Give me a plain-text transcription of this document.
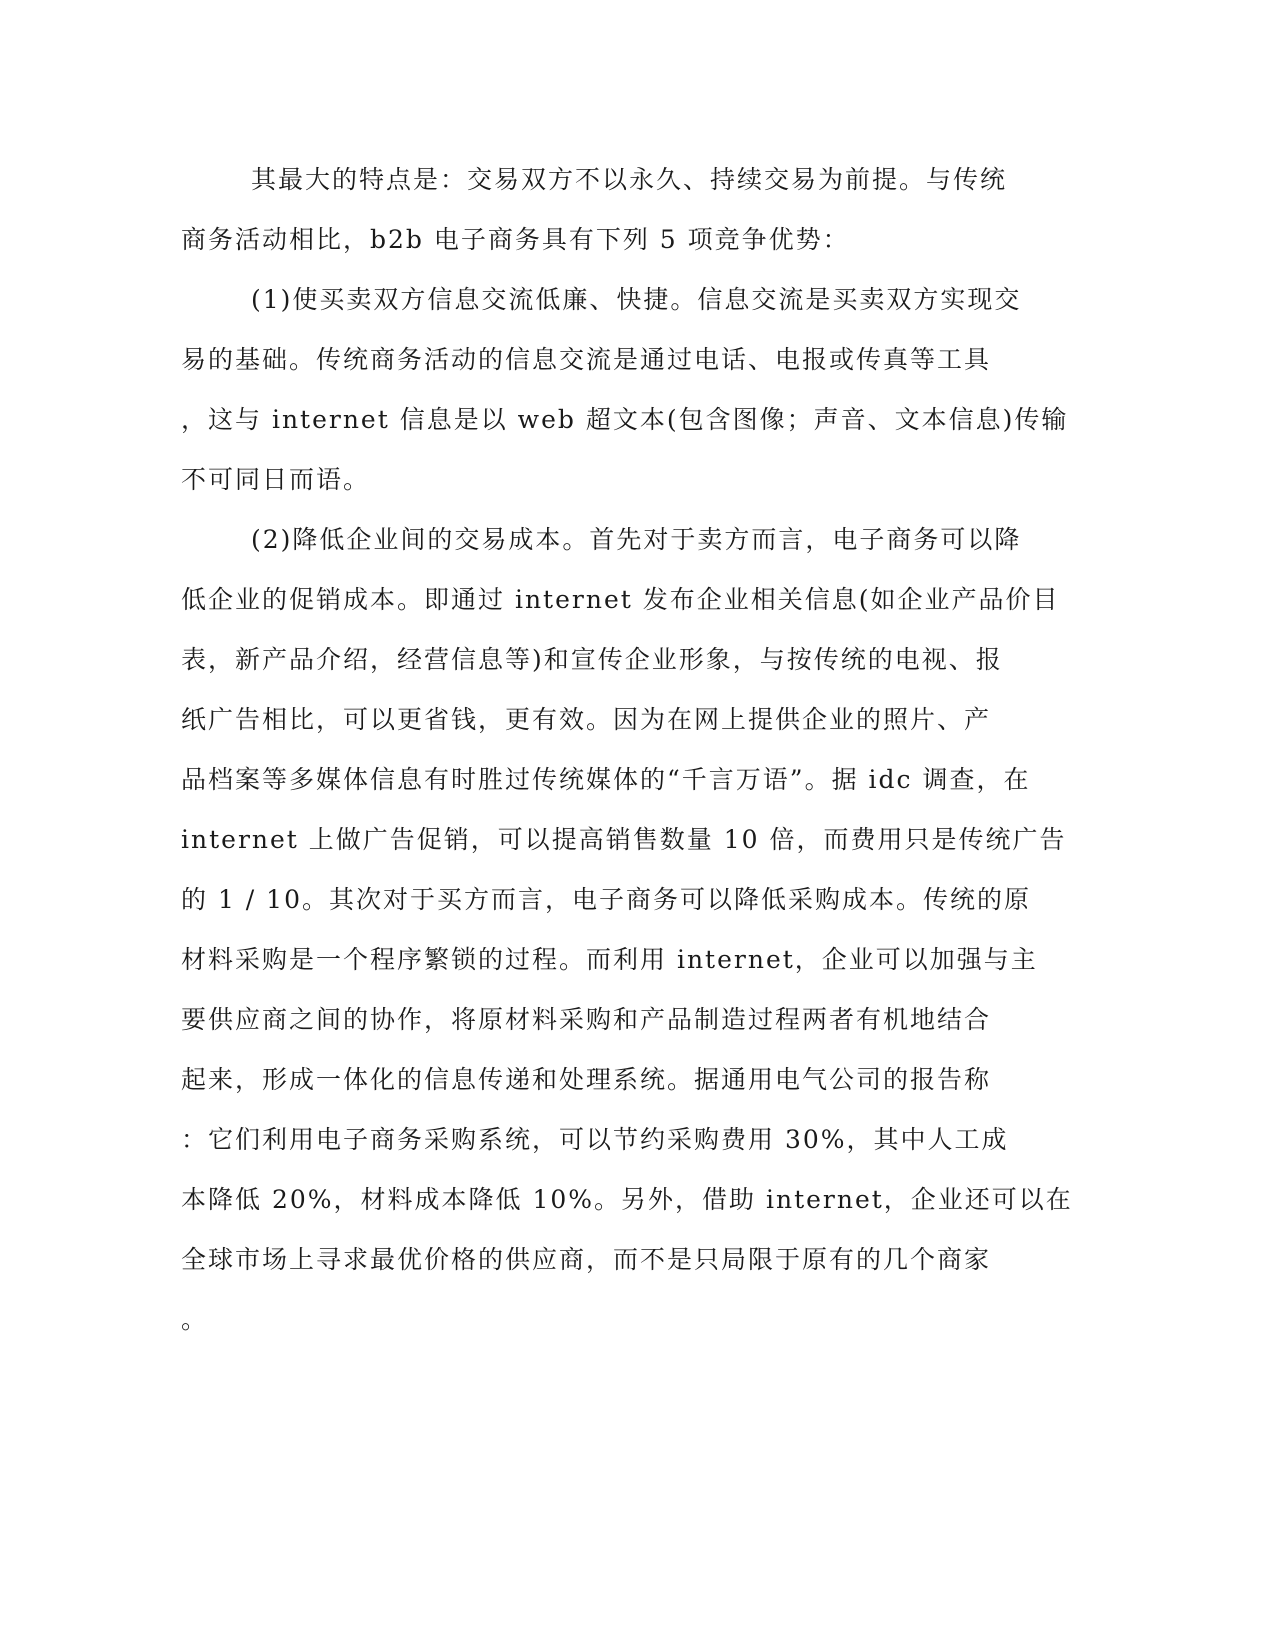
其最大的特点是：交易双方不以永久、持续交易为前提。与传统
商务活动相比，b2b 电子商务具有下列 5 项竞争优势：
(1)使买卖双方信息交流低廉、快捷。信息交流是买卖双方实现交
易的基础。传统商务活动的信息交流是通过电话、电报或传真等工具
，这与 internet 信息是以 web 超文本(包含图像；声音、文本信息)传输
不可同日而语。
(2)降低企业间的交易成本。首先对于卖方而言，电子商务可以降
低企业的促销成本。即通过 internet 发布企业相关信息(如企业产品价目
表，新产品介绍，经营信息等)和宣传企业形象，与按传统的电视、报
纸广告相比，可以更省钱，更有效。因为在网上提供企业的照片、产
品档案等多媒体信息有时胜过传统媒体的“千言万语”。据 idc 调查，在
internet 上做广告促销，可以提高销售数量 10 倍，而费用只是传统广告
的 1 / 10。其次对于买方而言，电子商务可以降低采购成本。传统的原
材料采购是一个程序繁锁的过程。而利用 internet，企业可以加强与主
要供应商之间的协作，将原材料采购和产品制造过程两者有机地结合
起来，形成一体化的信息传递和处理系统。据通用电气公司的报告称
：它们利用电子商务采购系统，可以节约采购费用 30%，其中人工成
本降低 20%，材料成本降低 10%。另外，借助 internet，企业还可以在
全球市场上寻求最优价格的供应商，而不是只局限于原有的几个商家
。
